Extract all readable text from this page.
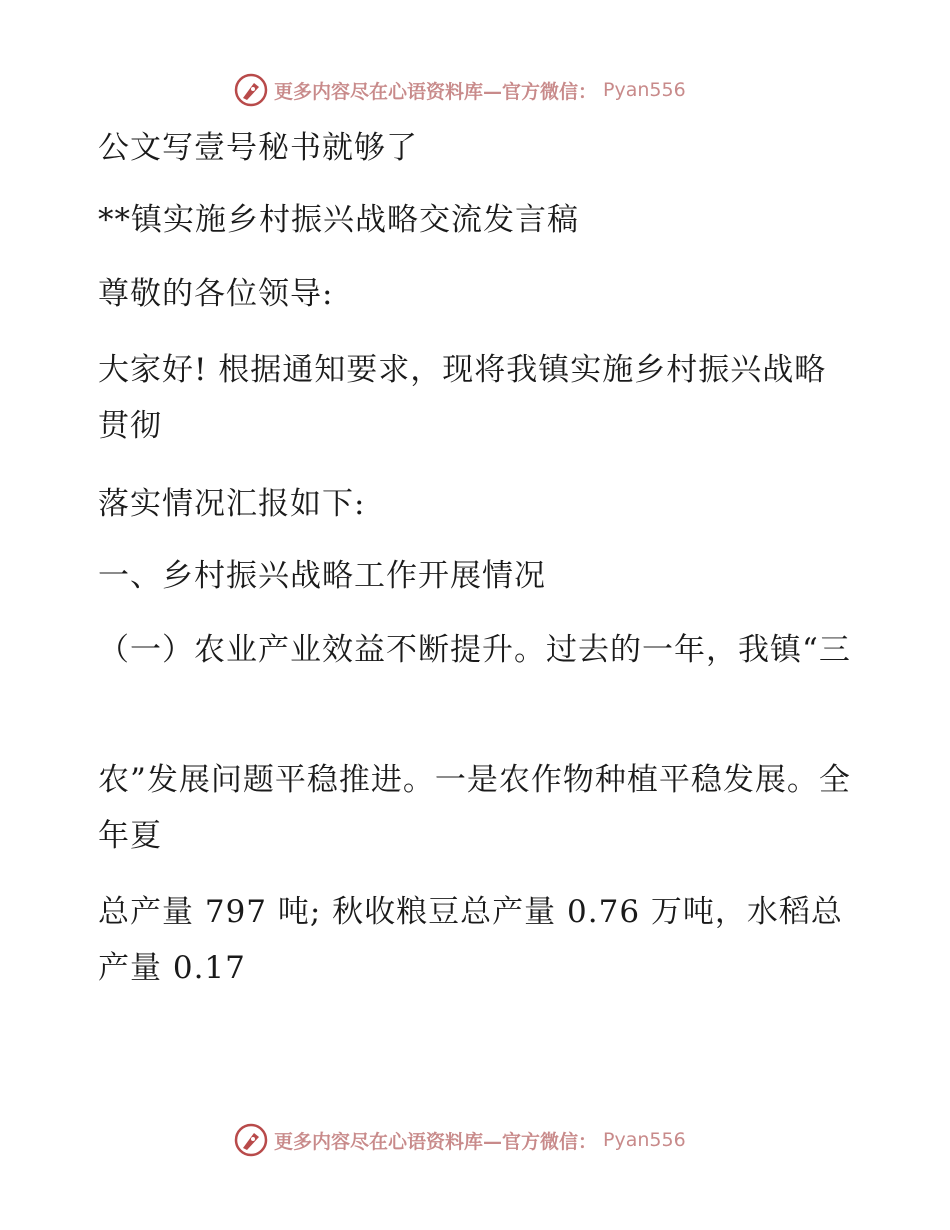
更多内容尽在心语资料库—官方微信： Pyan556
公文写壹号秘书就够了
**镇实施乡村振兴战略交流发言稿
尊敬的各位领导:
大家好! 根据通知要求，现将我镇实施乡村振兴战略贯彻
落实情况汇报如下:
一、乡村振兴战略工作开展情况
（一）农业产业效益不断提升。过去的一年，我镇“三
农”发展问题平稳推进。一是农作物种植平稳发展。全年夏
总产量 797 吨; 秋收粮豆总产量 0.76 万吨，水稻总产量 0.17
更多内容尽在心语资料库—官方微信： Pyan556
